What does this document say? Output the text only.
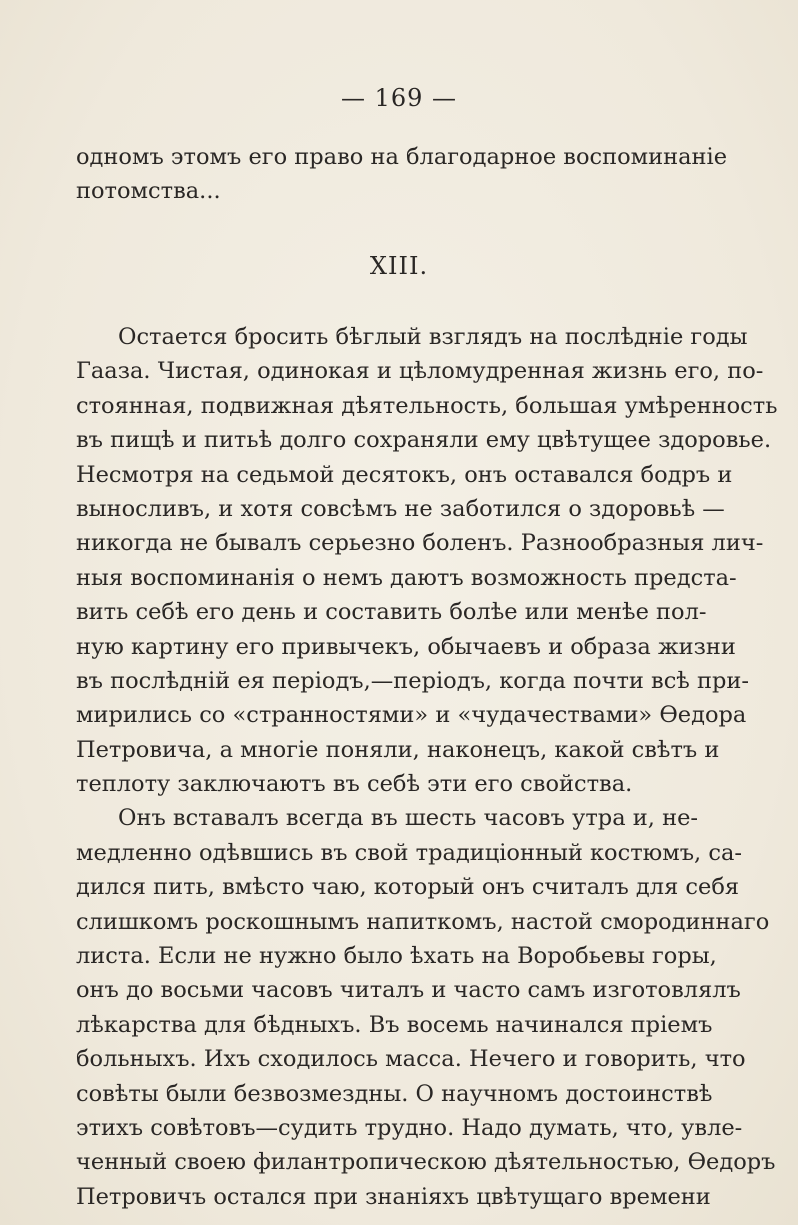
— 169 —
одномъ этомъ его право на благодарное воспоминаніе
потомства...
XIII.
Остается бросить бѣглый взглядъ на послѣдніе годы
Гааза. Чистая, одинокая и цѣломудренная жизнь его, по-
стоянная, подвижная дѣятельность, большая умѣренность
въ пищѣ и питьѣ долго сохраняли ему цвѣтущее здоровье.
Несмотря на седьмой десятокъ, онъ оставался бодръ и
выносливъ, и хотя совсѣмъ не заботился о здоровьѣ —
никогда не бывалъ серьезно боленъ. Разнообразныя лич-
ныя воспоминанія о немъ даютъ возможность предста-
вить себѣ его день и составить болѣе или менѣе пол-
ную картину его привычекъ, обычаевъ и образа жизни
въ послѣдній ея періодъ,—періодъ, когда почти всѣ при-
мирились со «странностями» и «чудачествами» Ѳедора
Петровича, а многіе поняли, наконецъ, какой свѣтъ и
теплоту заключаютъ въ себѣ эти его свойства.
Онъ вставалъ всегда въ шесть часовъ утра и, не-
медленно одѣвшись въ свой традиціонный костюмъ, са-
дился пить, вмѣсто чаю, который онъ считалъ для себя
слишкомъ роскошнымъ напиткомъ, настой смородиннаго
листа. Если не нужно было ѣхать на Воробьевы горы,
онъ до восьми часовъ читалъ и часто самъ изготовлялъ
лѣкарства для бѣдныхъ. Въ восемь начинался пріемъ
больныхъ. Ихъ сходилось масса. Нечего и говорить, что
совѣты были безвозмездны. О научномъ достоинствѣ
этихъ совѣтовъ—судить трудно. Надо думать, что, увле-
ченный своею филантропическою дѣятельностью, Ѳедоръ
Петровичъ остался при знаніяхъ цвѣтущаго времени
